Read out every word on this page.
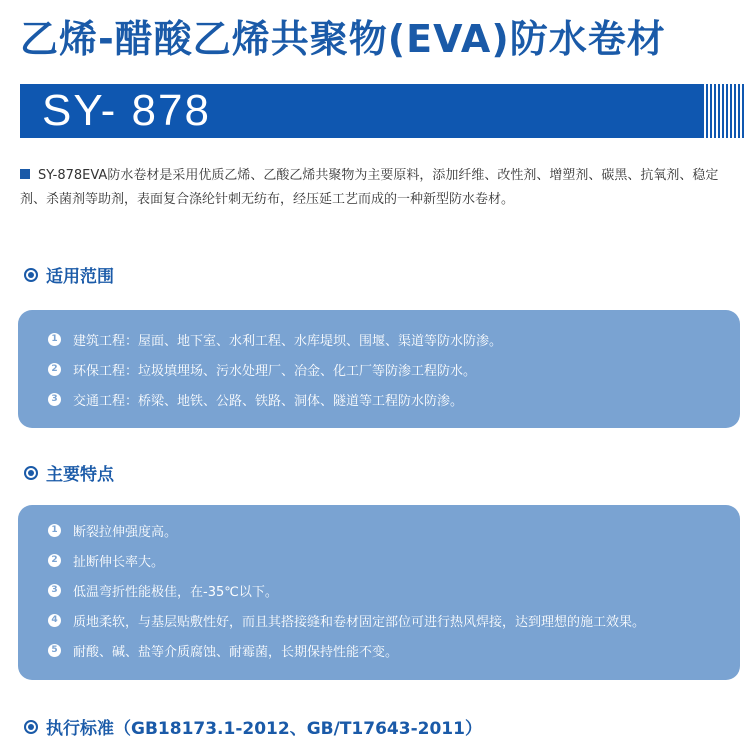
乙烯-醋酸乙烯共聚物(EVA)防水卷材
SY- 878
SY-878EVA防水卷材是采用优质乙烯、乙酸乙烯共聚物为主要原料，添加纤维、改性剂、增塑剂、碳黑、抗氧剂、稳定剂、杀菌剂等助剂，表面复合涤纶针刺无纺布，经压延工艺而成的一种新型防水卷材。
适用范围
1 建筑工程：屋面、地下室、水利工程、水库堤坝、围堰、渠道等防水防渗。
2 环保工程：垃圾填埋场、污水处理厂、冶金、化工厂等防渗工程防水。
3 交通工程：桥梁、地铁、公路、铁路、洞体、隧道等工程防水防渗。
主要特点
1 断裂拉伸强度高。
2 扯断伸长率大。
3 低温弯折性能极佳，在-35℃以下。
4 质地柔软，与基层贴敷性好，而且其搭接缝和卷材固定部位可进行热风焊接，达到理想的施工效果。
5 耐酸、碱、盐等介质腐蚀、耐霉菌，长期保持性能不变。
执行标准（GB18173.1-2012、GB/T17643-2011）
